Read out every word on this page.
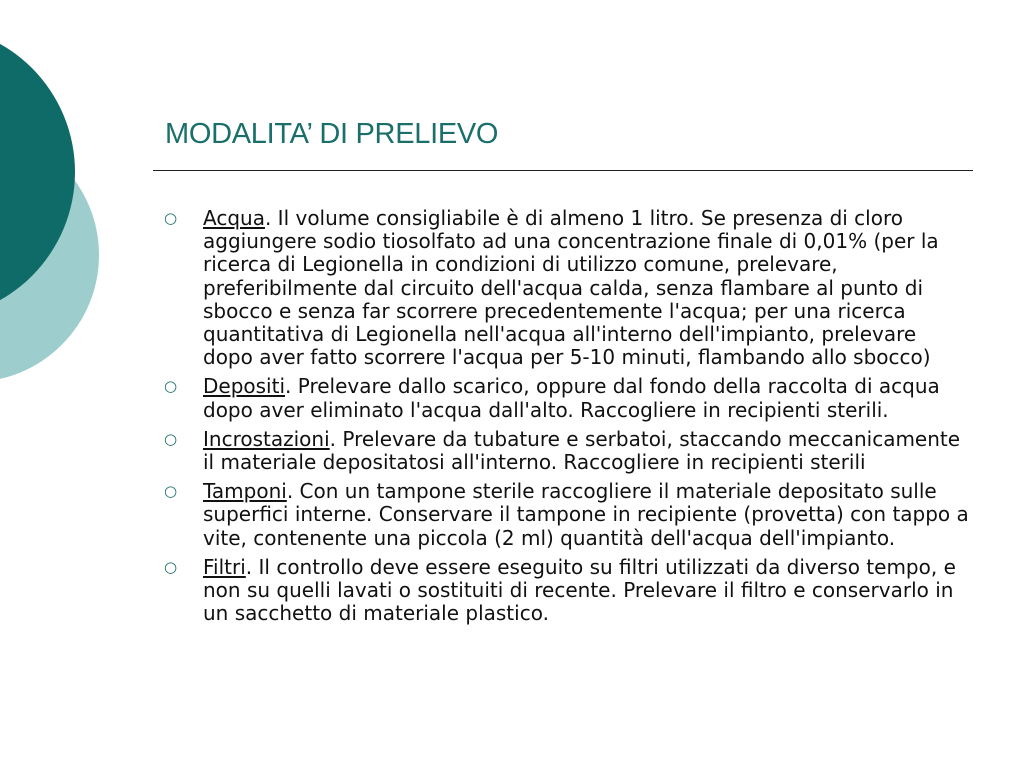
MODALITA’ DI PRELIEVO
○ Acqua. Il volume consigliabile è di almeno 1 litro. Se presenza di cloro aggiungere sodio tiosolfato ad una concentrazione finale di 0,01% (per la ricerca di Legionella in condizioni di utilizzo comune, prelevare, preferibilmente dal circuito dell'acqua calda, senza flambare al punto di sbocco e senza far scorrere precedentemente l'acqua; per una ricerca quantitativa di Legionella nell'acqua all'interno dell'impianto, prelevare dopo aver fatto scorrere l'acqua per 5-10 minuti, flambando allo sbocco)
○ Depositi. Prelevare dallo scarico, oppure dal fondo della raccolta di acqua dopo aver eliminato l'acqua dall'alto. Raccogliere in recipienti sterili.
○ Incrostazioni. Prelevare da tubature e serbatoi, staccando meccanicamente il materiale depositatosi all'interno. Raccogliere in recipienti sterili
○ Tamponi. Con un tampone sterile raccogliere il materiale depositato sulle superfici interne. Conservare il tampone in recipiente (provetta) con tappo a vite, contenente una piccola (2 ml) quantità dell'acqua dell'impianto.
○ Filtri. Il controllo deve essere eseguito su filtri utilizzati da diverso tempo, e non su quelli lavati o sostituiti di recente. Prelevare il filtro e conservarlo in un sacchetto di materiale plastico.
